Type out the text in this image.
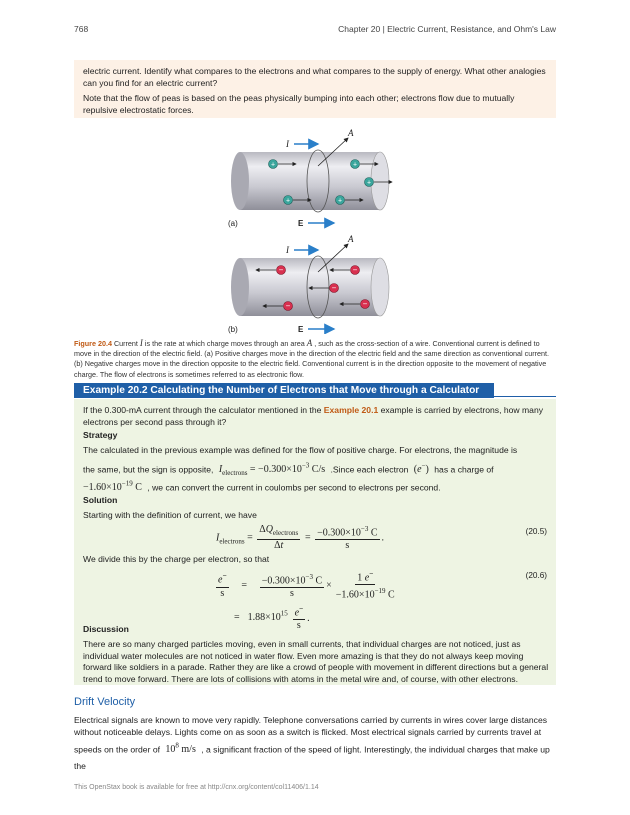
768	Chapter 20 | Electric Current, Resistance, and Ohm's Law

electric current. Identify what compares to the electrons and what compares to the supply of energy. What other analogies can you find for an electric current?

Note that the flow of peas is based on the peas physically bumping into each other; electrons flow due to mutually repulsive electrostatic forces.

A
I
+	+
+
+	+
(a)	E
A
I
−	−
−
−	−
(b)	E
Figure 20.4 Current I is the rate at which charge moves through an area A , such as the cross-section of a wire. Conventional current is defined to move in the direction of the electric field. (a) Positive charges move in the direction of the electric field and the same direction as conventional current. (b) Negative charges move in the direction opposite to the electric field. Conventional current is in the direction opposite to the movement of negative charge. The flow of electrons is sometimes referred to as electronic flow.
Example 20.2 Calculating the Number of Electrons that Move through a Calculator

If the 0.300-mA current through the calculator mentioned in the Example 20.1 example is carried by electrons, how many electrons per second pass through it?

Strategy

The calculated in the previous example was defined for the flow of positive charge. For electrons, the magnitude is

the same, but the sign is opposite, $I_{electrons} = -0.300\times 10^{-3}$ C/s .Since each electron (e−) has a charge of

$-1.60\times 10^{-19}$ C , we can convert the current in coulombs per second to electrons per second.

Solution

Starting with the definition of current, we have

$I_{electrons} = \frac{\Delta Q_{electrons}}{\Delta t} = \frac{-0.300\times 10^{-3} C}{s}$ .
(20.5)

We divide this by the charge per electron, so that

$\frac{e^-}{s} = \frac{-0.300\times 10^{-3} C}{s} \times \frac{1 e^-}{-1.60\times 10^{-19} C}$
= $1.88\times 10^{15} \frac{e^-}{s}$ .
(20.6)
Discussion

There are so many charged particles moving, even in small currents, that individual charges are not noticed, just as individual water molecules are not noticed in water flow. Even more amazing is that they do not always keep moving forward like soldiers in a parade. Rather they are like a crowd of people with movement in different directions but a general trend to move forward. There are lots of collisions with atoms in the metal wire and, of course, with other electrons.

Drift Velocity

Electrical signals are known to move very rapidly. Telephone conversations carried by currents in wires cover large distances without noticeable delays. Lights come on as soon as a switch is flicked. Most electrical signals carried by currents travel at

speeds on the order of $10^8$ m/s , a significant fraction of the speed of light. Interestingly, the individual charges that make up the

This OpenStax book is available for free at http://cnx.org/content/col11406/1.14
